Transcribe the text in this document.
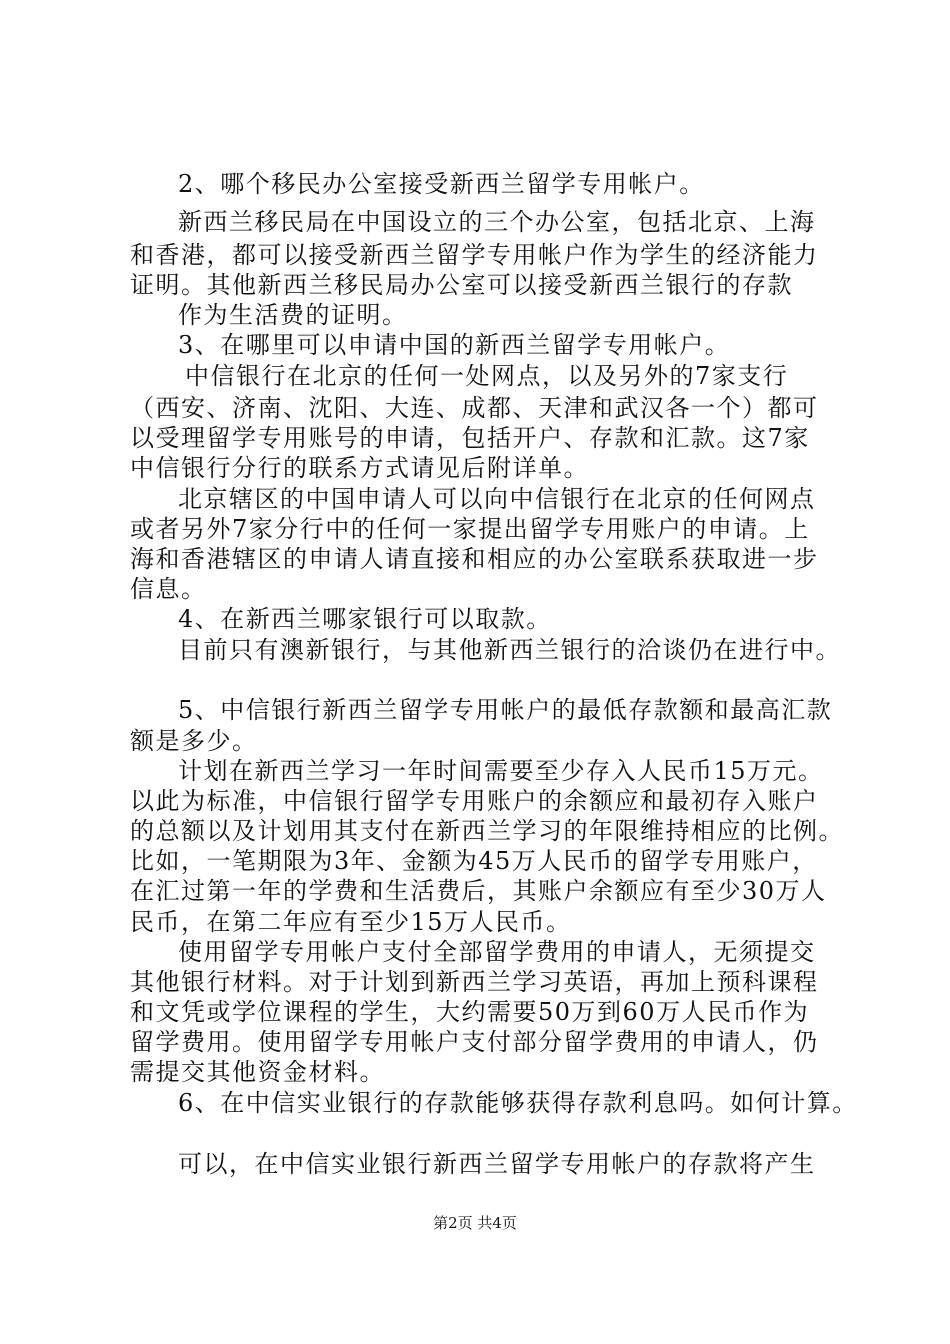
2、哪个移民办公室接受新西兰留学专用帐户。
新西兰移民局在中国设立的三个办公室，包括北京、上海
和香港，都可以接受新西兰留学专用帐户作为学生的经济能力
证明。其他新西兰移民局办公室可以接受新西兰银行的存款
作为生活费的证明。
3、在哪里可以申请中国的新西兰留学专用帐户。
中信银行在北京的任何一处网点，以及另外的7家支行
（西安、济南、沈阳、大连、成都、天津和武汉各一个）都可
以受理留学专用账号的申请，包括开户、存款和汇款。这7家
中信银行分行的联系方式请见后附详单。
北京辖区的中国申请人可以向中信银行在北京的任何网点
或者另外7家分行中的任何一家提出留学专用账户的申请。上
海和香港辖区的申请人请直接和相应的办公室联系获取进一步
信息。
4、在新西兰哪家银行可以取款。
目前只有澳新银行，与其他新西兰银行的洽谈仍在进行中。
5、中信银行新西兰留学专用帐户的最低存款额和最高汇款
额是多少。
计划在新西兰学习一年时间需要至少存入人民币15万元。
以此为标准，中信银行留学专用账户的余额应和最初存入账户
的总额以及计划用其支付在新西兰学习的年限维持相应的比例。
比如，一笔期限为3年、金额为45万人民币的留学专用账户，
在汇过第一年的学费和生活费后，其账户余额应有至少30万人
民币，在第二年应有至少15万人民币。
使用留学专用帐户支付全部留学费用的申请人，无须提交
其他银行材料。对于计划到新西兰学习英语，再加上预科课程
和文凭或学位课程的学生，大约需要50万到60万人民币作为
留学费用。使用留学专用帐户支付部分留学费用的申请人，仍
需提交其他资金材料。
6、在中信实业银行的存款能够获得存款利息吗。如何计算。
可以，在中信实业银行新西兰留学专用帐户的存款将产生
第2页 共4页
